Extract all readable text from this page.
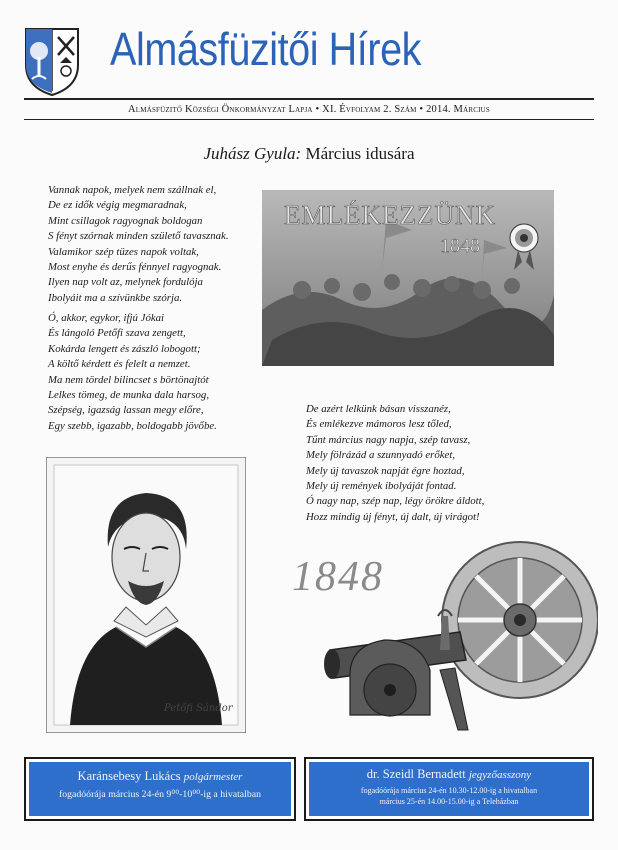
Almásfüzitői Hírek
Almásfüzitő Községi Önkormányzat Lapja • XI. Évfolyam 2. Szám • 2014. Március
Juhász Gyula: Március idusára
Vannak napok, melyek nem szállnak el,
De ez idők végig megmaradnak,
Mint csillagok ragyognak boldogan
S fényt szórnak minden születő tavasznak.
Valamikor szép tüzes napok voltak,
Most enyhe és derűs fénnyel ragyognak.
Ilyen nap volt az, melynek fordulója
Ibolyáit ma a szívünkbe szórja.
Ó, akkor, egykor, ifjú Jókai
És lángoló Petőfi szava zengett,
Kokárda lengett és zászló lobogott;
A költő kérdett és felelt a nemzet.
Ma nem tördel bilincset s börtönajtót
Lelkes tömeg, de munka dala harsog,
Szépség, igazság lassan megy előre,
Egy szebb, igazabb, boldogabb jövőbe.
De azért lelkünk básan visszanéz,
És emlékezve mámoros lesz tőled,
Tűnt március nagy napja, szép tavasz,
Mely fölrázád a szunnyadó erőket,
Mely új tavaszok napját égre hoztad,
Mely új remények ibolyáját fontad.
Ó nagy nap, szép nap, légy örökre áldott,
Hozz mindig új fényt, új dalt, új virágot!
EMLÉKEZZÜNK
1848
Petőfi Sándor
1848
Karánsebesy Lukács polgármester
fogadóórája március 24-én 9⁰⁰-10⁰⁰-ig a hivatalban
dr. Szeidl Bernadett jegyzőasszony
fogadóórája március 24-én 10.30-12.00-ig a hivatalban
március 25-én 14.00-15.00-ig a Teleházban
